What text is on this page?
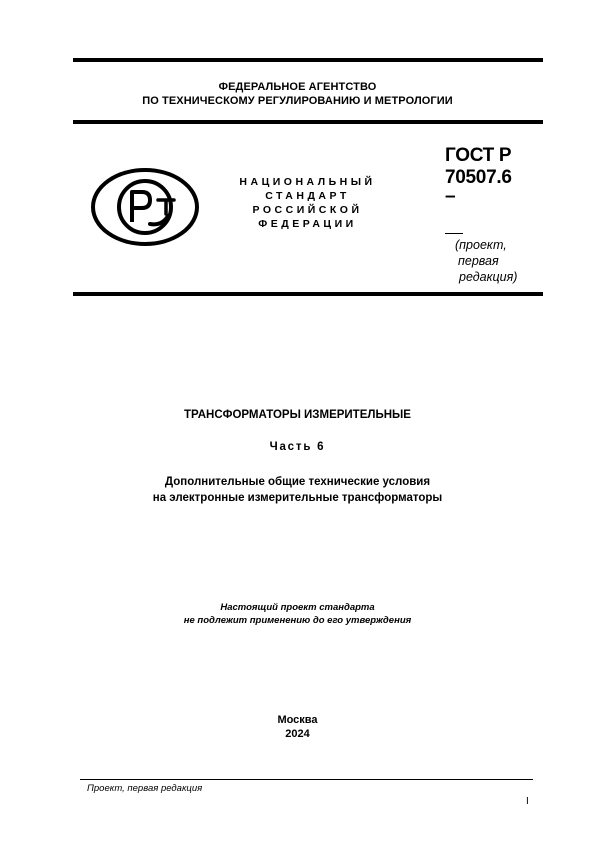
ФЕДЕРАЛЬНОЕ АГЕНТСТВО
ПО ТЕХНИЧЕСКОМУ РЕГУЛИРОВАНИЮ И МЕТРОЛОГИИ
НАЦИОНАЛЬНЫЙ
СТАНДАРТ
РОССИЙСКОЙ
ФЕДЕРАЦИИ
ГОСТ Р
70507.6
–
(проект,
первая
редакция)
ТРАНСФОРМАТОРЫ ИЗМЕРИТЕЛЬНЫЕ
Часть 6
Дополнительные общие технические условия
на электронные измерительные трансформаторы
Настоящий проект стандарта
не подлежит применению до его утверждения
Москва
2024
Проект, первая редакция
I
